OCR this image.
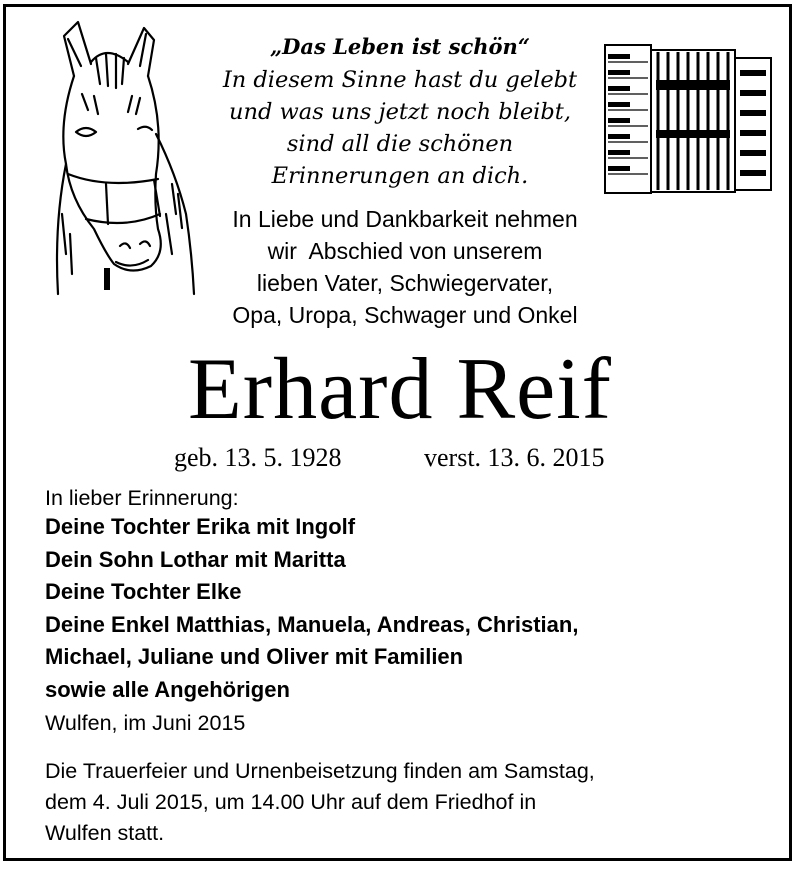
„Das Leben ist schön“
In diesem Sinne hast du gelebt
und was uns jetzt noch bleibt,
sind all die schönen
Erinnerungen an dich.
In Liebe und Dankbarkeit nehmen
wir  Abschied von unserem
lieben Vater, Schwiegervater,
Opa, Uropa, Schwager und Onkel
Erhard Reif
geb. 13. 5. 1928	verst. 13. 6. 2015
In lieber Erinnerung:
Deine Tochter Erika mit Ingolf
Dein Sohn Lothar mit Maritta
Deine Tochter Elke
Deine Enkel Matthias, Manuela, Andreas, Christian,
Michael, Juliane und Oliver mit Familien
sowie alle Angehörigen
Wulfen, im Juni 2015
Die Trauerfeier und Urnenbeisetzung finden am Samstag,
dem 4. Juli 2015, um 14.00 Uhr auf dem Friedhof in
Wulfen statt.
